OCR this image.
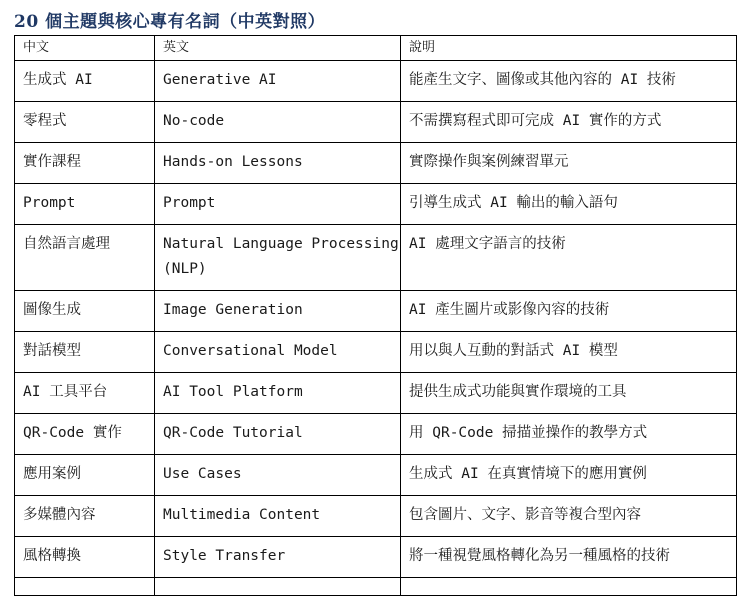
20 個主題與核心專有名詞（中英對照）
中文	英文	說明
生成式 AI	Generative AI	能產生文字、圖像或其他內容的 AI 技術
零程式	No-code	不需撰寫程式即可完成 AI 實作的方式
實作課程	Hands-on Lessons	實際操作與案例練習單元
Prompt	Prompt	引導生成式 AI 輸出的輸入語句
自然語言處理	Natural Language Processing (NLP)	AI 處理文字語言的技術
圖像生成	Image Generation	AI 產生圖片或影像內容的技術
對話模型	Conversational Model	用以與人互動的對話式 AI 模型
AI 工具平台	AI Tool Platform	提供生成式功能與實作環境的工具
QR-Code 實作	QR-Code Tutorial	用 QR-Code 掃描並操作的教學方式
應用案例	Use Cases	生成式 AI 在真實情境下的應用實例
多媒體內容	Multimedia Content	包含圖片、文字、影音等複合型內容
風格轉換	Style Transfer	將一種視覺風格轉化為另一種風格的技術
